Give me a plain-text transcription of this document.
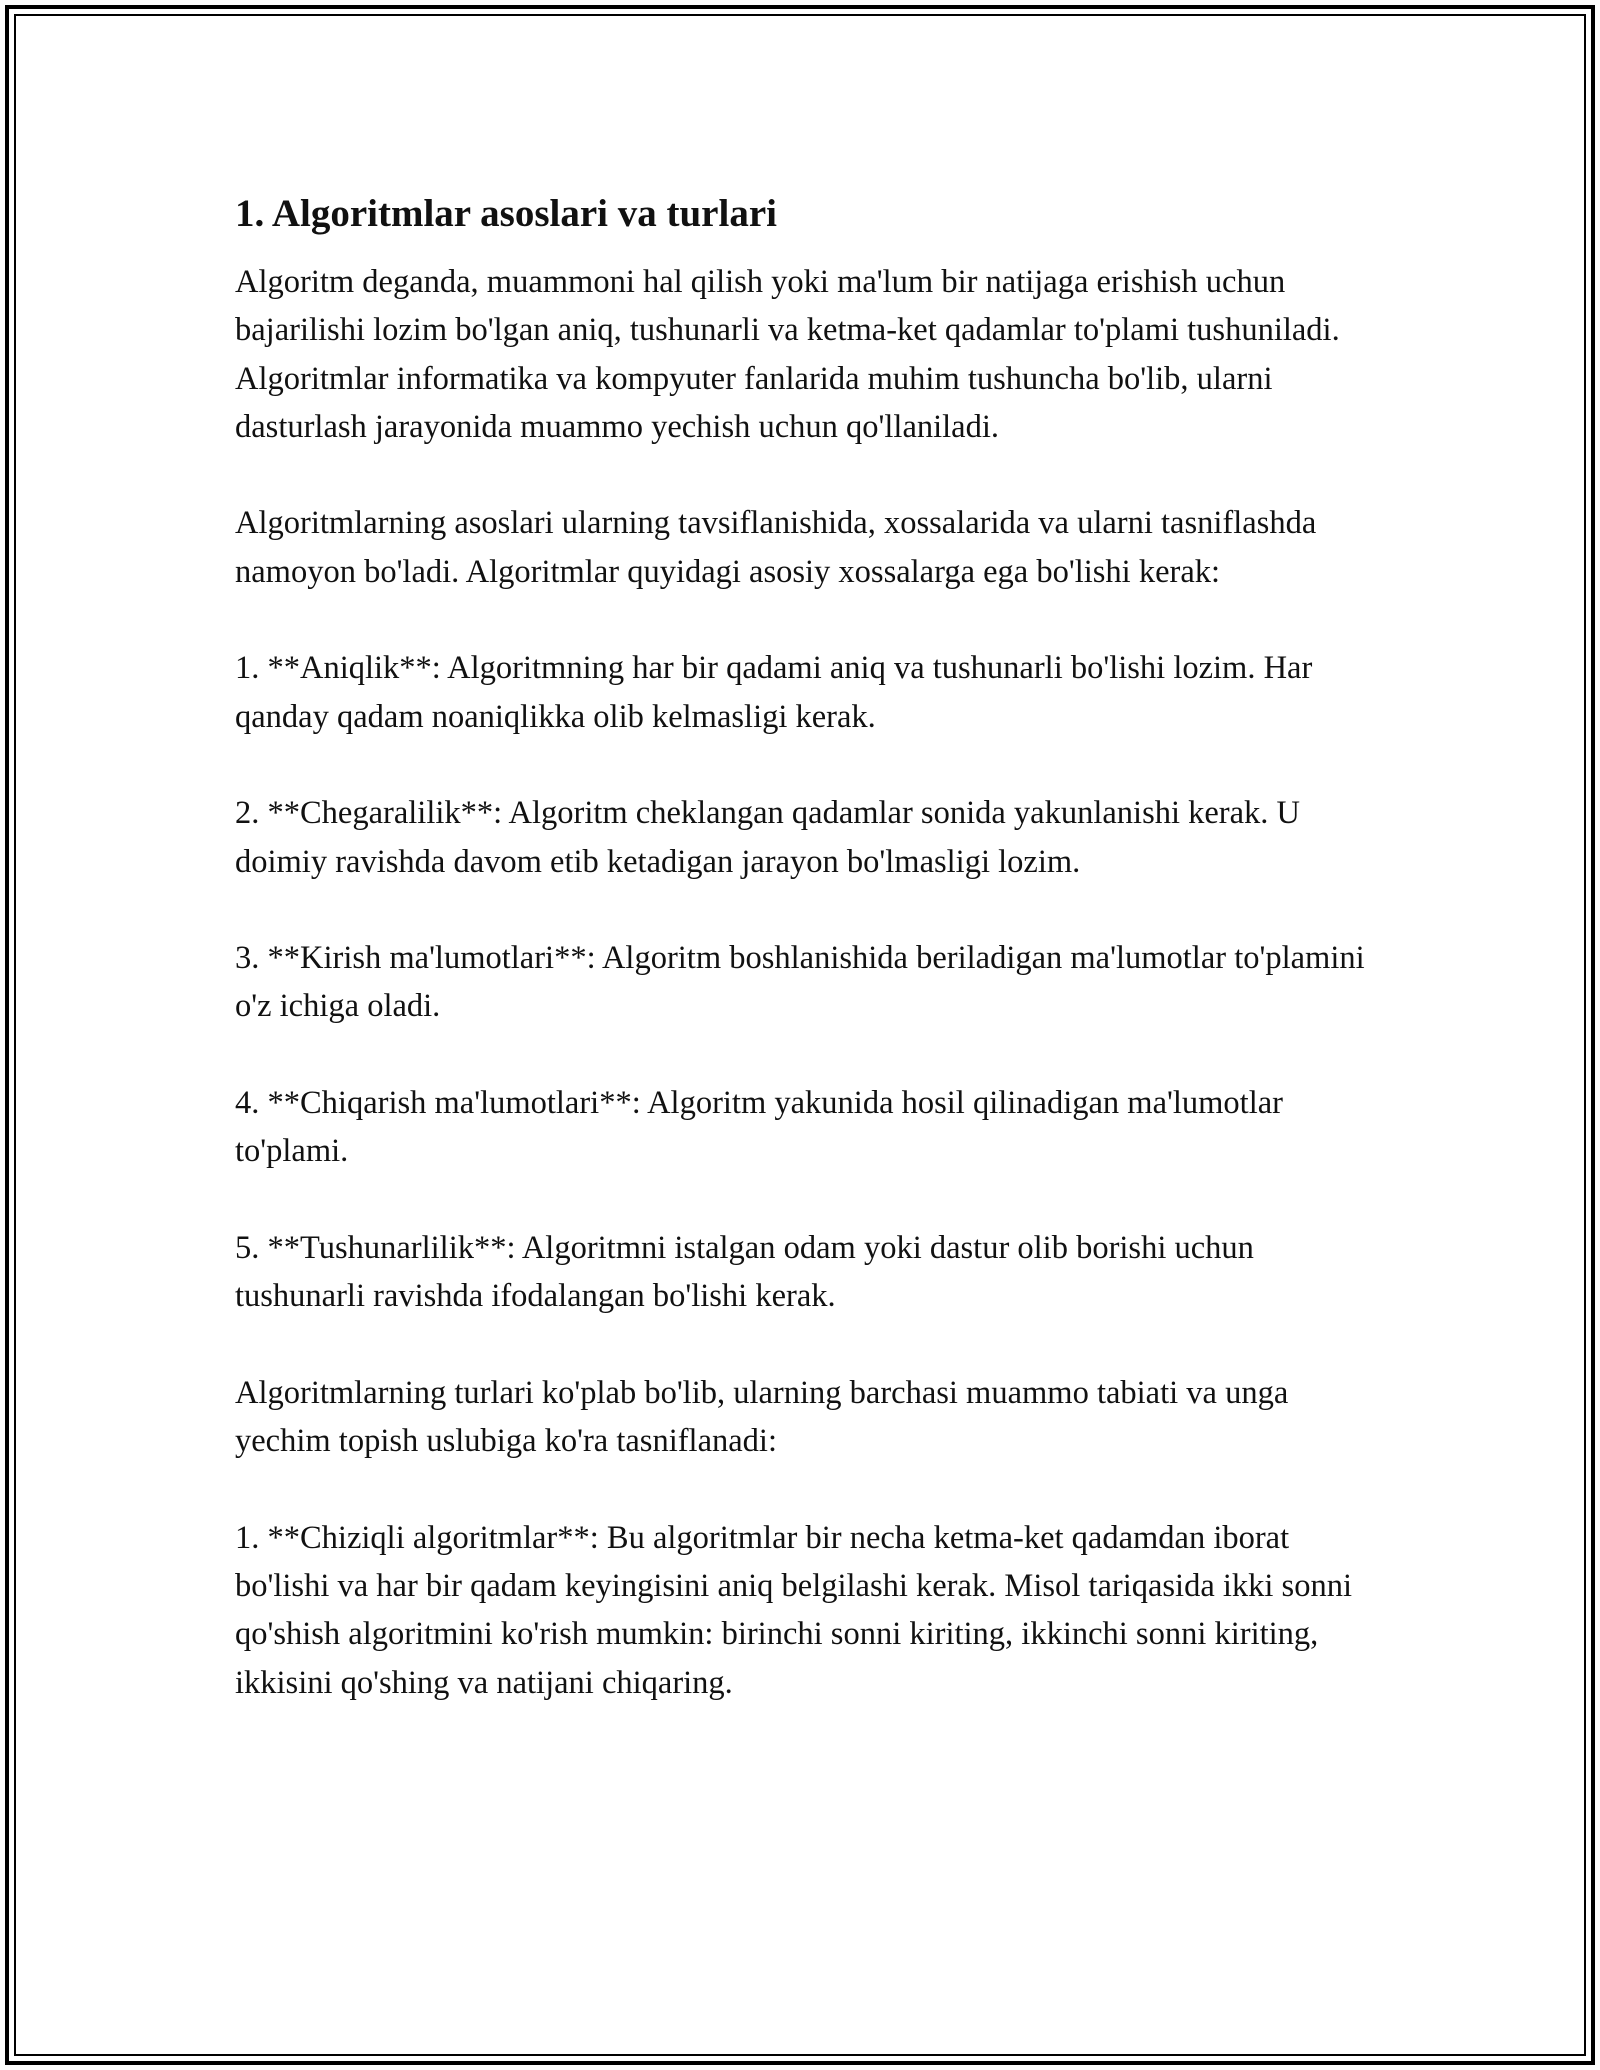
1. Algoritmlar asoslari va turlari

Algoritm deganda, muammoni hal qilish yoki ma'lum bir natijaga erishish uchun bajarilishi lozim bo'lgan aniq, tushunarli va ketma-ket qadamlar to'plami tushuniladi. Algoritmlar informatika va kompyuter fanlarida muhim tushuncha bo'lib, ularni dasturlash jarayonida muammo yechish uchun qo'llaniladi.

Algoritmlarning asoslari ularning tavsiflanishida, xossalarida va ularni tasniflashda namoyon bo'ladi. Algoritmlar quyidagi asosiy xossalarga ega bo'lishi kerak:

1. **Aniqlik**: Algoritmning har bir qadami aniq va tushunarli bo'lishi lozim. Har qanday qadam noaniqlikka olib kelmasligi kerak.

2. **Chegaralilik**: Algoritm cheklangan qadamlar sonida yakunlanishi kerak. U doimiy ravishda davom etib ketadigan jarayon bo'lmasligi lozim.

3. **Kirish ma'lumotlari**: Algoritm boshlanishida beriladigan ma'lumotlar to'plamini o'z ichiga oladi.

4. **Chiqarish ma'lumotlari**: Algoritm yakunida hosil qilinadigan ma'lumotlar to'plami.

5. **Tushunarlilik**: Algoritmni istalgan odam yoki dastur olib borishi uchun tushunarli ravishda ifodalangan bo'lishi kerak.

Algoritmlarning turlari ko'plab bo'lib, ularning barchasi muammo tabiati va unga yechim topish uslubiga ko'ra tasniflanadi:

1. **Chiziqli algoritmlar**: Bu algoritmlar bir necha ketma-ket qadamdan iborat bo'lishi va har bir qadam keyingisini aniq belgilashi kerak. Misol tariqasida ikki sonni qo'shish algoritmini ko'rish mumkin: birinchi sonni kiriting, ikkinchi sonni kiriting, ikkisini qo'shing va natijani chiqaring.
